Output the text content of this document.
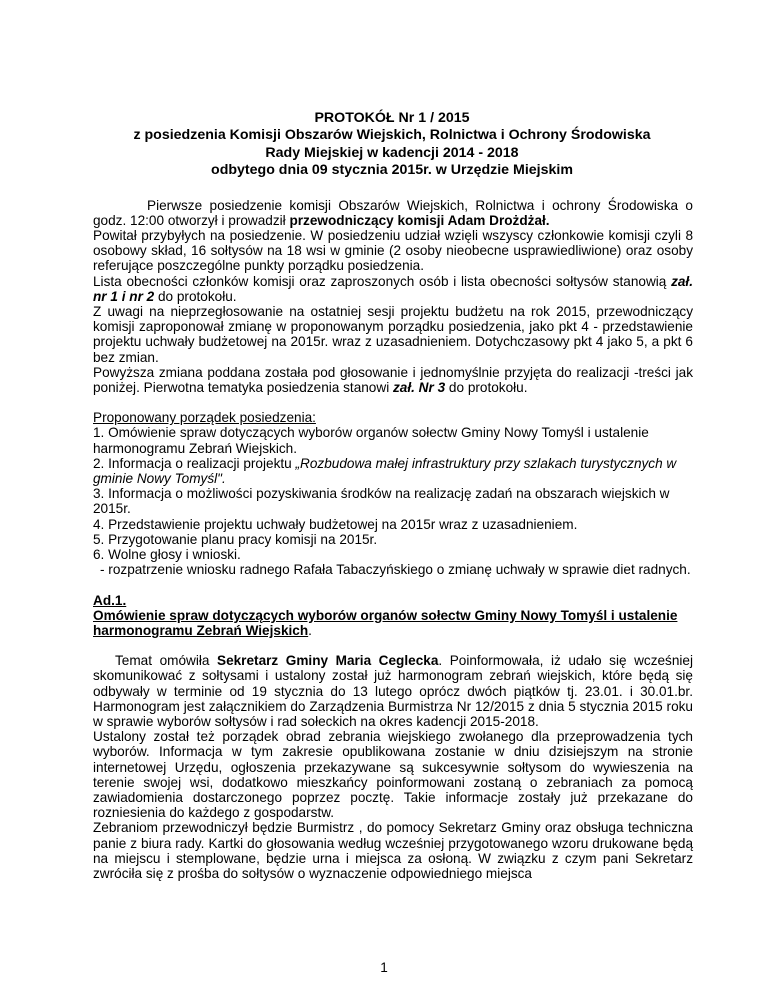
PROTOKÓŁ Nr 1 / 2015
z posiedzenia Komisji Obszarów Wiejskich, Rolnictwa i Ochrony Środowiska
Rady Miejskiej w kadencji 2014 - 2018
odbytego dnia 09 stycznia 2015r. w Urzędzie Miejskim

Pierwsze posiedzenie komisji Obszarów Wiejskich, Rolnictwa i ochrony Środowiska o godz. 12:00 otworzył i prowadził przewodniczący komisji Adam Drożdżał.

Powitał przybyłych na posiedzenie. W posiedzeniu udział wzięli wszyscy członkowie komisji czyli 8 osobowy skład, 16 sołtysów na 18 wsi w gminie (2 osoby nieobecne usprawiedliwione) oraz osoby referujące poszczególne punkty porządku posiedzenia.

Lista obecności członków komisji oraz zaproszonych osób i lista obecności sołtysów stanowią zał. nr 1 i nr 2 do protokołu.

Z uwagi na nieprzegłosowanie na ostatniej sesji projektu budżetu na rok 2015, przewodniczący komisji zaproponował zmianę w proponowanym porządku posiedzenia, jako pkt 4 - przedstawienie projektu uchwały budżetowej na 2015r. wraz z uzasadnieniem. Dotychczasowy pkt 4 jako 5, a pkt 6 bez zmian.

Powyższa zmiana poddana została pod głosowanie i jednomyślnie przyjęta do realizacji -treści jak poniżej. Pierwotna tematyka posiedzenia stanowi zał. Nr 3 do protokołu.

Proponowany porządek posiedzenia:

1. Omówienie spraw dotyczących wyborów organów sołectw Gminy Nowy Tomyśl i ustalenie harmonogramu Zebrań Wiejskich.

2. Informacja o realizacji projektu „Rozbudowa małej infrastruktury przy szlakach turystycznych w gminie Nowy Tomyśl".

3. Informacja o możliwości pozyskiwania środków na realizację zadań na obszarach wiejskich w 2015r.

4. Przedstawienie projektu uchwały budżetowej na 2015r wraz z uzasadnieniem.

5. Przygotowanie planu pracy komisji na 2015r.

6. Wolne głosy i wnioski.

- rozpatrzenie wniosku radnego Rafała Tabaczyńskiego o zmianę uchwały w sprawie diet radnych.

Ad.1.

Omówienie spraw dotyczących wyborów organów sołectw Gminy Nowy Tomyśl i ustalenie harmonogramu Zebrań Wiejskich.

Temat omówiła Sekretarz Gminy Maria Ceglecka. Poinformowała, iż udało się wcześniej skomunikować z sołtysami i ustalony został już harmonogram zebrań wiejskich, które będą się odbywały w terminie od 19 stycznia do 13 lutego oprócz dwóch piątków tj. 23.01. i 30.01.br. Harmonogram jest załącznikiem do Zarządzenia Burmistrza Nr 12/2015 z dnia 5 stycznia 2015 roku w sprawie wyborów sołtysów i rad sołeckich na okres kadencji 2015-2018.

Ustalony został też porządek obrad zebrania wiejskiego zwołanego dla przeprowadzenia tych wyborów. Informacja w tym zakresie opublikowana zostanie w dniu dzisiejszym na stronie internetowej Urzędu, ogłoszenia przekazywane są sukcesywnie sołtysom do wywieszenia na terenie swojej wsi, dodatkowo mieszkańcy poinformowani zostaną o zebraniach za pomocą zawiadomienia dostarczonego poprzez pocztę. Takie informacje zostały już przekazane do rozniesienia do każdego z gospodarstw.

Zebraniom przewodniczył będzie Burmistrz , do pomocy Sekretarz Gminy oraz obsługa techniczna panie z biura rady. Kartki do głosowania według wcześniej przygotowanego wzoru drukowane będą na miejscu i stemplowane, będzie urna i miejsca za osłoną. W związku z czym pani Sekretarz zwróciła się z prośba do sołtysów o wyznaczenie odpowiedniego miejsca

1
